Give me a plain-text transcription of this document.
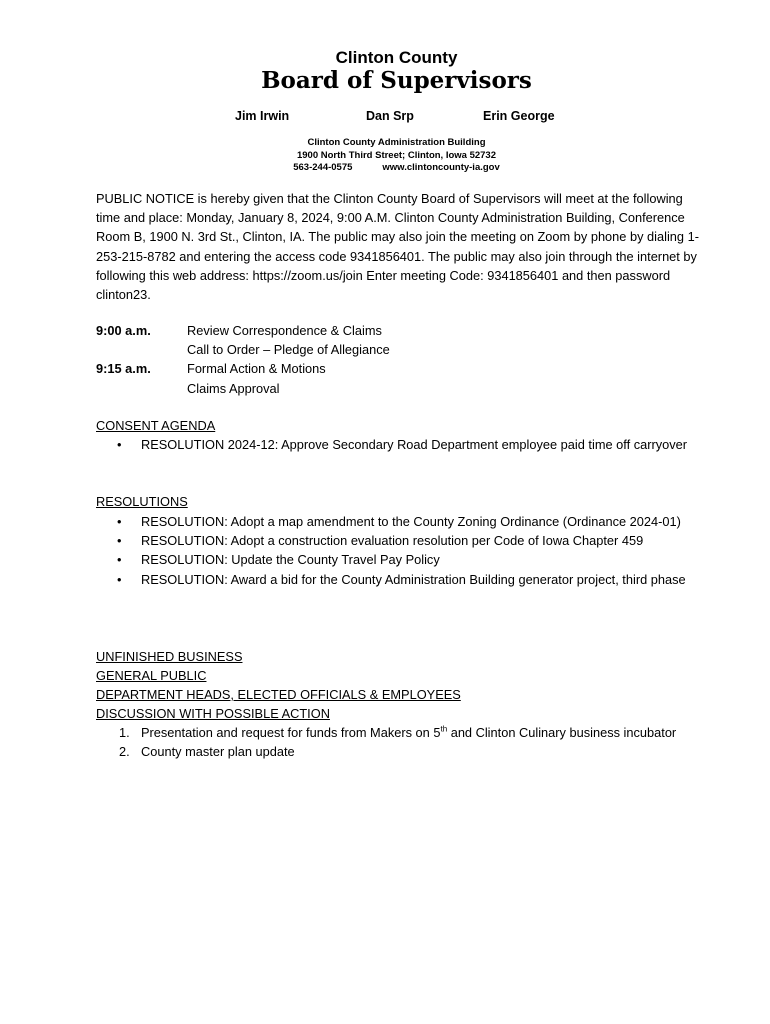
Clinton County
Board of Supervisors
Jim Irwin	Dan Srp	Erin George
Clinton County Administration Building
1900 North Third Street; Clinton, Iowa 52732
563-244-0575	www.clintoncounty-ia.gov
PUBLIC NOTICE is hereby given that the Clinton County Board of Supervisors will meet at the following time and place: Monday, January 8, 2024, 9:00 A.M. Clinton County Administration Building, Conference Room B, 1900 N. 3rd St., Clinton, IA. The public may also join the meeting on Zoom by phone by dialing 1-253-215-8782 and entering the access code 9341856401. The public may also join through the internet by following this web address: https://zoom.us/join Enter meeting Code: 9341856401 and then password clinton23.
9:00 a.m.	Review Correspondence & Claims
Call to Order – Pledge of Allegiance
9:15 a.m.	Formal Action & Motions
Claims Approval
CONSENT AGENDA
• RESOLUTION 2024-12: Approve Secondary Road Department employee paid time off carryover
RESOLUTIONS
• RESOLUTION: Adopt a map amendment to the County Zoning Ordinance (Ordinance 2024-01)
• RESOLUTION: Adopt a construction evaluation resolution per Code of Iowa Chapter 459
• RESOLUTION: Update the County Travel Pay Policy
• RESOLUTION: Award a bid for the County Administration Building generator project, third phase
UNFINISHED BUSINESS
GENERAL PUBLIC
DEPARTMENT HEADS, ELECTED OFFICIALS & EMPLOYEES
DISCUSSION WITH POSSIBLE ACTION
1. Presentation and request for funds from Makers on 5th and Clinton Culinary business incubator
2. County master plan update
